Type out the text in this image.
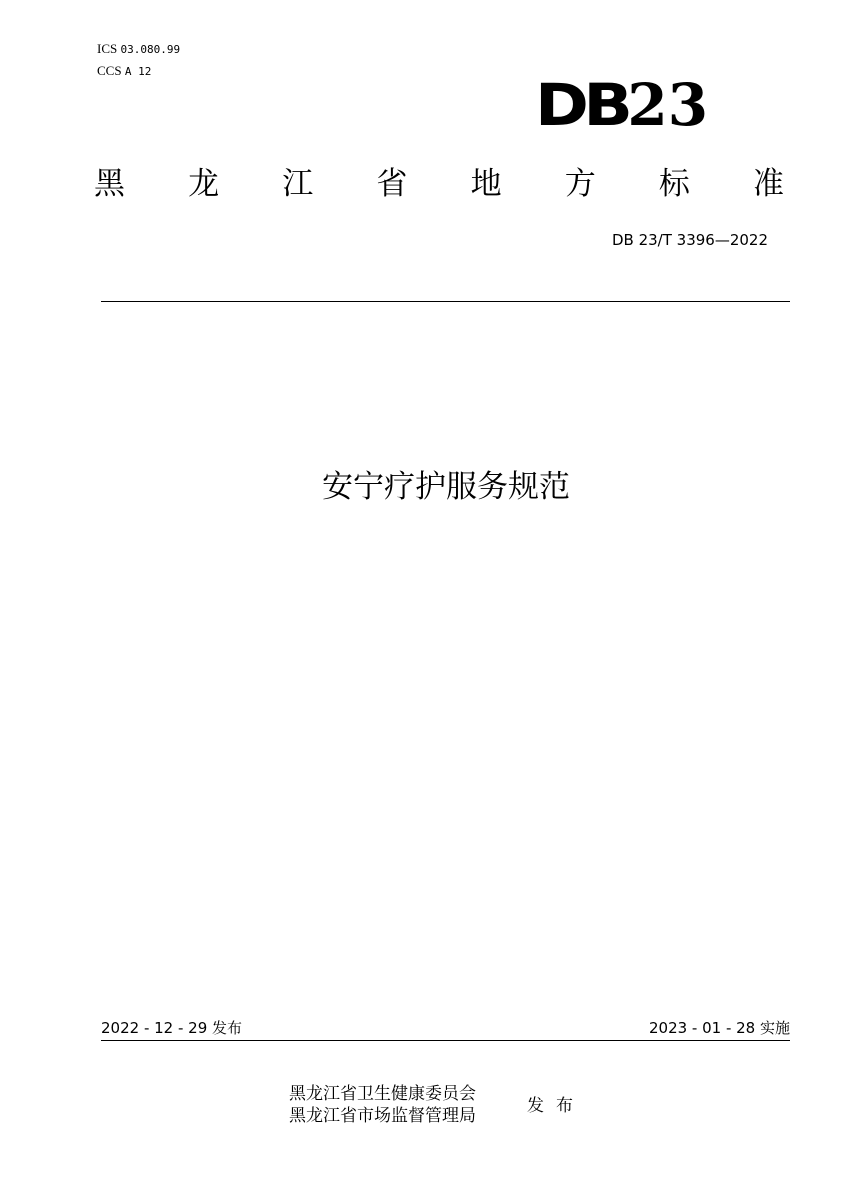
ICS 03.080.99
CCS A 12	DB 23
黑 龙 江 省 地 方 标 准
DB 23/T 3396—2022
安宁疗护服务规范
2022 - 12 - 29 发布	2023 - 01 - 28 实施
黑龙江省卫生健康委员会
黑龙江省市场监督管理局	发 布
